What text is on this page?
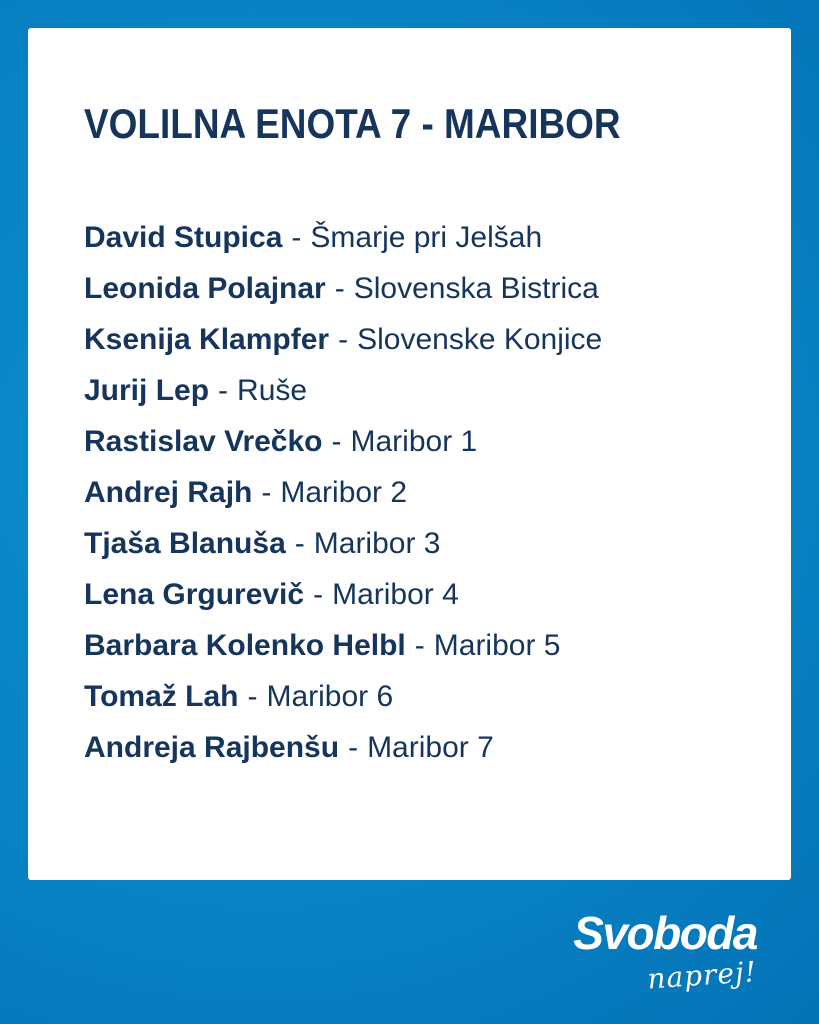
VOLILNA ENOTA 7 - MARIBOR
David Stupica - Šmarje pri Jelšah
Leonida Polajnar - Slovenska Bistrica
Ksenija Klampfer - Slovenske Konjice
Jurij Lep - Ruše
Rastislav Vrečko - Maribor 1
Andrej Rajh - Maribor 2
Tjaša Blanuša - Maribor 3
Lena Grgurevič - Maribor 4
Barbara Kolenko Helbl - Maribor 5
Tomaž Lah - Maribor 6
Andreja Rajbenšu - Maribor 7
Svoboda
naprej!
